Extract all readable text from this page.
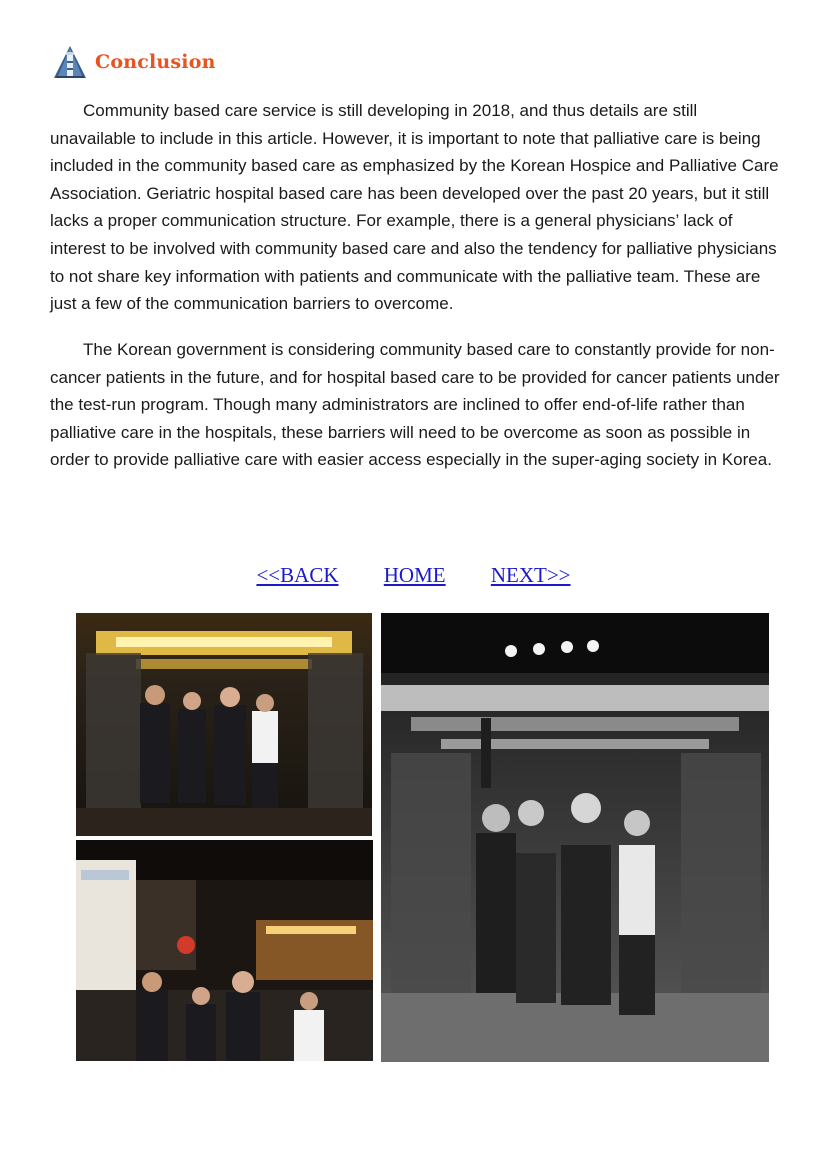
Conclusion

Community based care service is still developing in 2018, and thus details are still unavailable to include in this article. However, it is important to note that palliative care is being included in the community based care as emphasized by the Korean Hospice and Palliative Care Association. Geriatric hospital based care has been developed over the past 20 years, but it still lacks a proper communication structure. For example, there is a general physicians’ lack of interest to be involved with community based care and also the tendency for palliative physicians to not share key information with patients and communicate with the palliative team. These are just a few of the communication barriers to overcome.

The Korean government is considering community based care to constantly provide for non-cancer patients in the future, and for hospital based care to be provided for cancer patients under the test-run program. Though many administrators are inclined to offer end-of-life rather than palliative care in the hospitals, these barriers will need to be overcome as soon as possible in order to provide palliative care with easier access especially in the super-aging society in Korea.

<<BACK HOME NEXT>>
